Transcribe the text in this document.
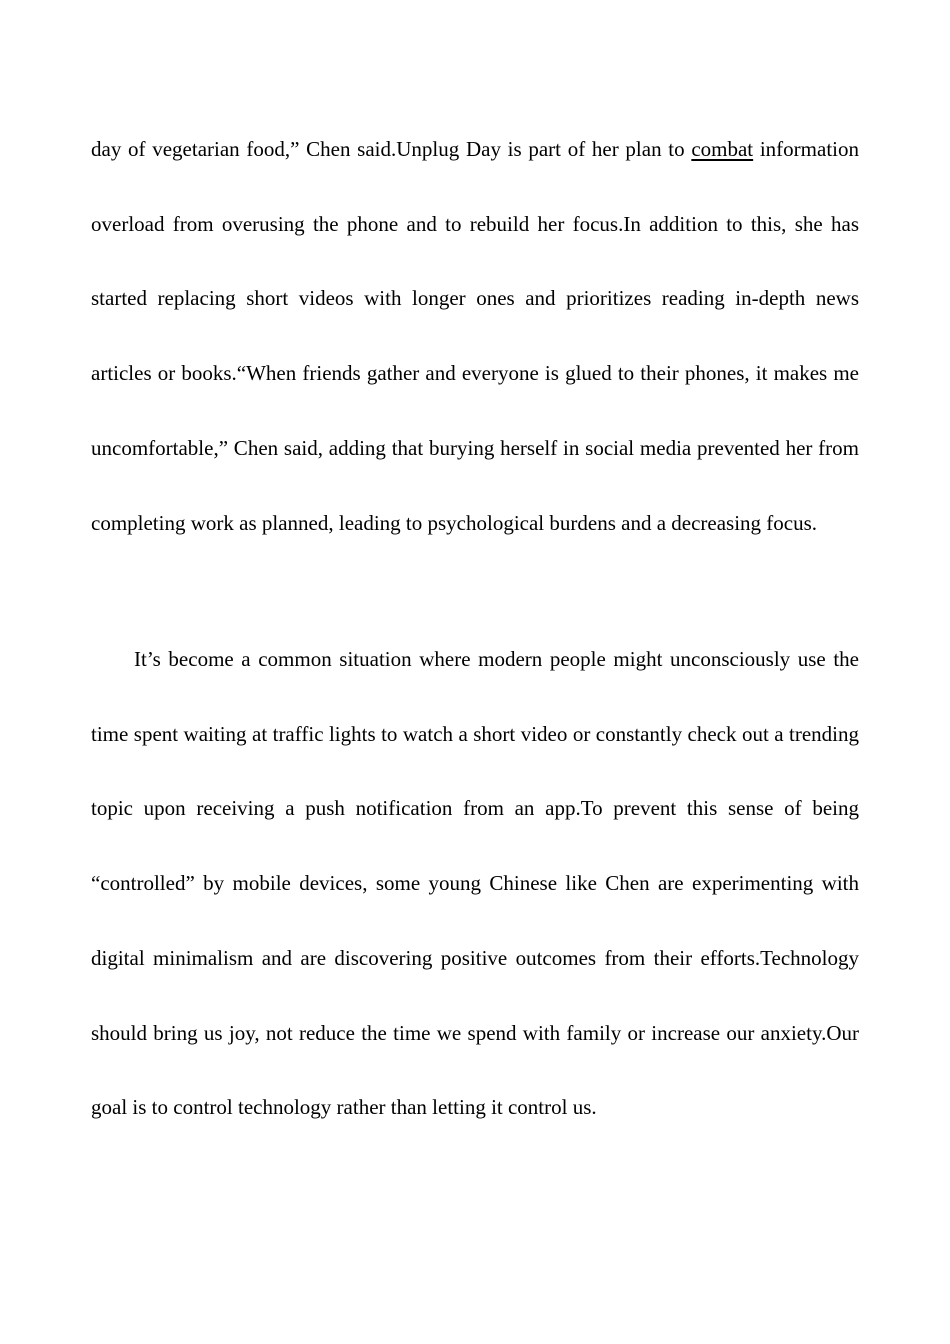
day of vegetarian food,” Chen said.Unplug Day is part of her plan to combat information overload from overusing the phone and to rebuild her focus.In addition to this, she has started replacing short videos with longer ones and prioritizes reading in-depth news articles or books.“When friends gather and everyone is glued to their phones, it makes me uncomfortable,” Chen said, adding that burying herself in social media prevented her from completing work as planned, leading to psychological burdens and a decreasing focus.

It’s become a common situation where modern people might unconsciously use the time spent waiting at traffic lights to watch a short video or constantly check out a trending topic upon receiving a push notification from an app.To prevent this sense of being “controlled” by mobile devices, some young Chinese like Chen are experimenting with digital minimalism and are discovering positive outcomes from their efforts.Technology should bring us joy, not reduce the time we spend with family or increase our anxiety.Our goal is to control technology rather than letting it control us.
